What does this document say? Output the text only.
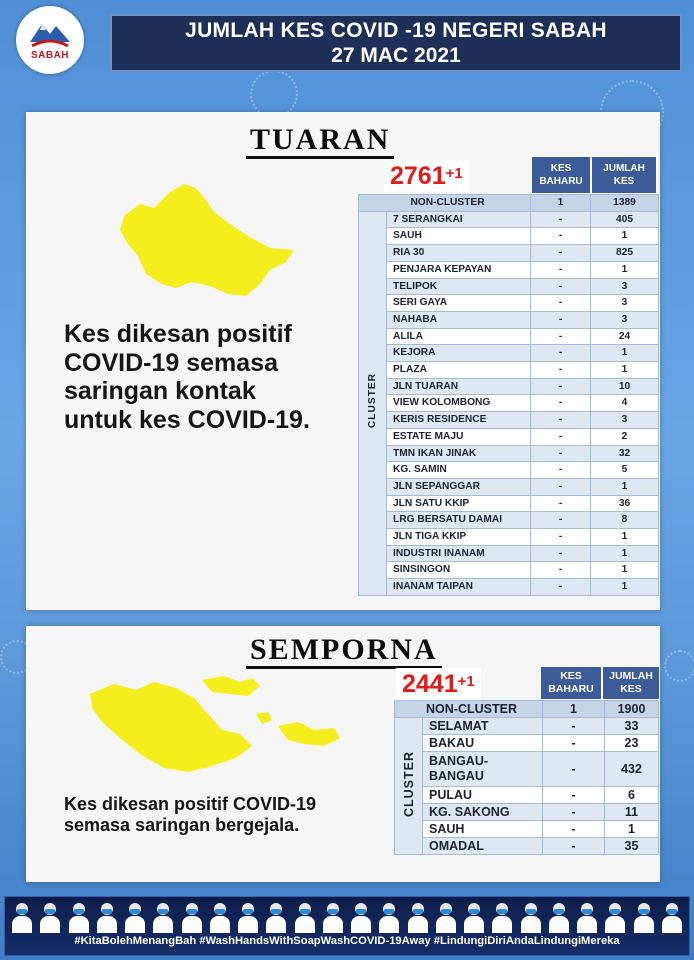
SABAH
JUMLAH KES COVID -19 NEGERI SABAH
27 MAC 2021
TUARAN
$2761^{+1}$
Kes dikesan positif COVID-19 semasa saringan kontak untuk kes COVID-19.
KES BAHARU
JUMLAH KES
NON-CLUSTER		1	1389
CLUSTER	7 SERANGKAI	-	405
	SAUH	-	1
	RIA 30	-	825
	PENJARA KEPAYAN	-	1
	TELIPOK	-	3
	SERI GAYA	-	3
	NAHABA	-	3
	ALILA	-	24
	KEJORA	-	1
	PLAZA	-	1
	JLN TUARAN	-	10
	VIEW KOLOMBONG	-	4
	KERIS RESIDENCE	-	3
	ESTATE MAJU	-	2
	TMN IKAN JINAK	-	32
	KG. SAMIN	-	5
	JLN SEPANGGAR	-	1
	JLN SATU KKIP	-	36
	LRG BERSATU DAMAI	-	8
	JLN TIGA KKIP	-	1
	INDUSTRI INANAM	-	1
	SINSINGON	-	1
	INANAM TAIPAN	-	1
SEMPORNA
$2441^{+1}$
Kes dikesan positif COVID-19 semasa saringan bergejala.
KES BAHARU
JUMLAH KES
NON-CLUSTER		1	1900
CLUSTER	SELAMAT	-	33
	BAKAU	-	23
	BANGAU-BANGAU	-	432
	PULAU	-	6
	KG. SAKONG	-	11
	SAUH	-	1
	OMADAL	-	35
#KitaBolehMenangBah #WashHandsWithSoapWashCOVID-19Away #LindungiDiriAndaLindungiMereka
